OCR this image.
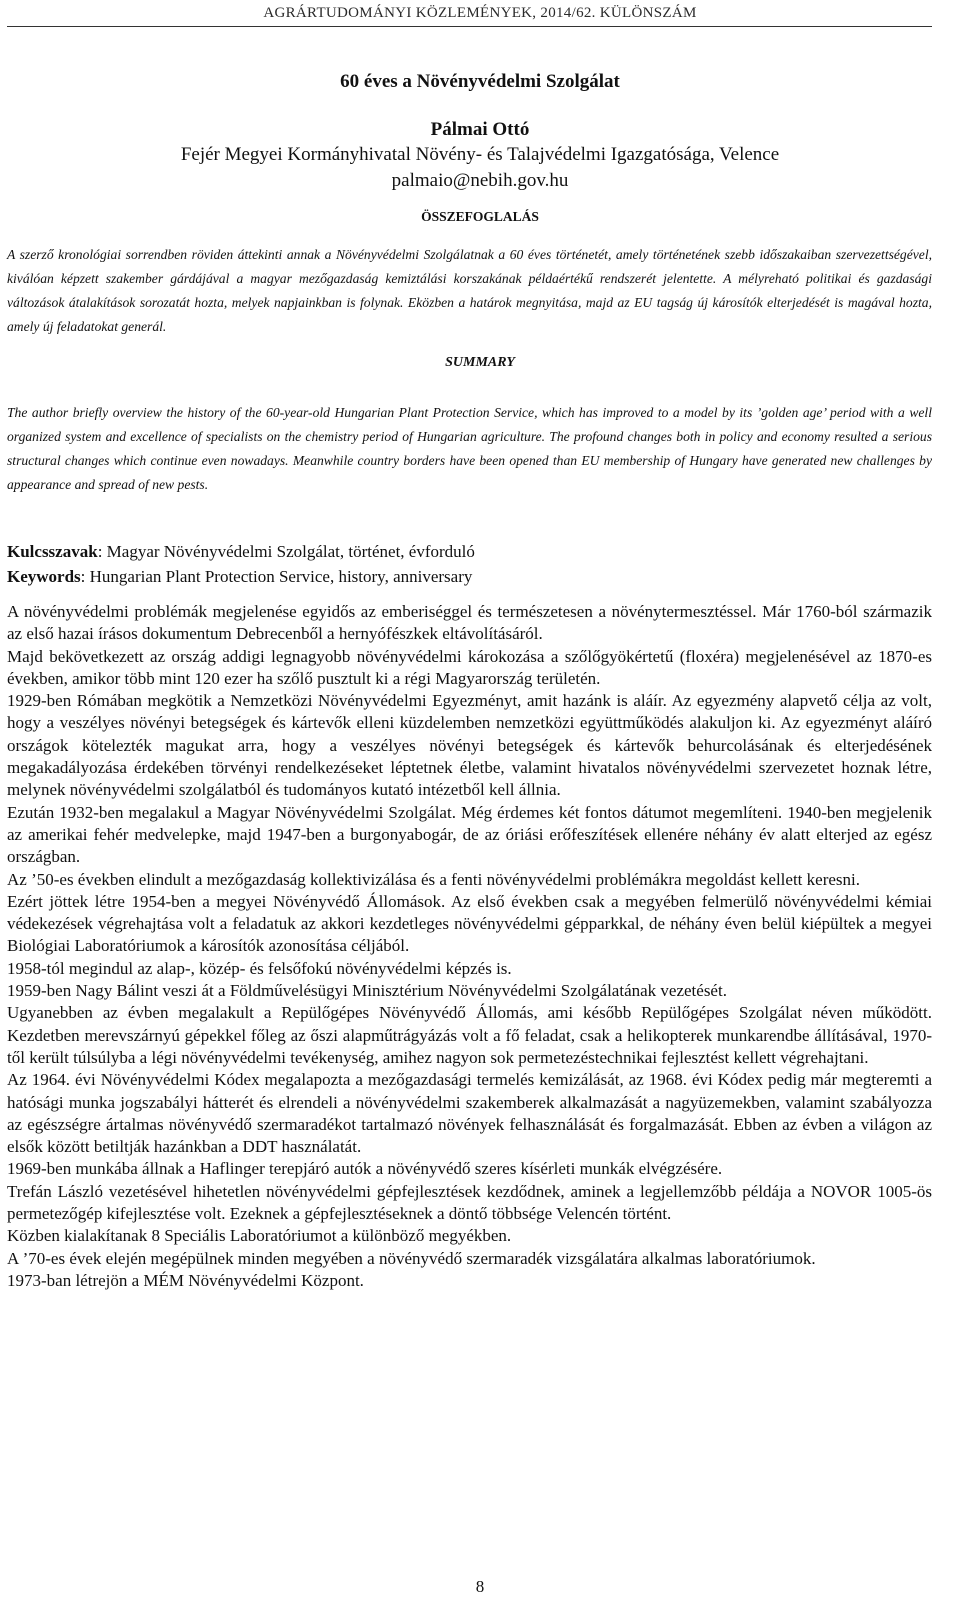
AGRÁRTUDOMÁNYI KÖZLEMÉNYEK, 2014/62. KÜLÖNSZÁM
60 éves a Növényvédelmi Szolgálat
Pálmai Ottó
Fejér Megyei Kormányhivatal Növény- és Talajvédelmi Igazgatósága, Velence
palmaio@nebih.gov.hu
ÖSSZEFOGLALÁS

A szerző kronológiai sorrendben röviden áttekinti annak a Növényvédelmi Szolgálatnak a 60 éves történetét, amely történetének szebb időszakaiban szervezettségével, kiválóan képzett szakember gárdájával a magyar mezőgazdaság kemiztálási korszakának példaértékű rendszerét jelentette. A mélyreható politikai és gazdasági változások átalakítások sorozatát hozta, melyek napjainkban is folynak. Eközben a határok megnyitása, majd az EU tagság új károsítók elterjedését is magával hozta, amely új feladatokat generál.

SUMMARY

The author briefly overview the history of the 60-year-old Hungarian Plant Protection Service, which has improved to a model by its ’golden age’ period with a well organized system and excellence of specialists on the chemistry period of Hungarian agriculture. The profound changes both in policy and economy resulted a serious structural changes which continue even nowadays. Meanwhile country borders have been opened than EU membership of Hungary have generated new challenges by appearance and spread of new pests.

Kulcsszavak: Magyar Növényvédelmi Szolgálat, történet, évforduló
Keywords: Hungarian Plant Protection Service, history, anniversary

A növényvédelmi problémák megjelenése egyidős az emberiséggel és természetesen a növénytermesztéssel. Már 1760-ból származik az első hazai írásos dokumentum Debrecenből a hernyófészkek eltávolításáról.

Majd bekövetkezett az ország addigi legnagyobb növényvédelmi károkozása a szőlőgyökértetű (floxéra) megjelenésével az 1870-es években, amikor több mint 120 ezer ha szőlő pusztult ki a régi Magyarország területén.

1929-ben Rómában megkötik a Nemzetközi Növényvédelmi Egyezményt, amit hazánk is aláír. Az egyezmény alapvető célja az volt, hogy a veszélyes növényi betegségek és kártevők elleni küzdelemben nemzetközi együttműködés alakuljon ki. Az egyezményt aláíró országok kötelezték magukat arra, hogy a veszélyes növényi betegségek és kártevők behurcolásának és elterjedésének megakadályozása érdekében törvényi rendelkezéseket léptetnek életbe, valamint hivatalos növényvédelmi szervezetet hoznak létre, melynek növényvédelmi szolgálatból és tudományos kutató intézetből kell állnia.

Ezután 1932-ben megalakul a Magyar Növényvédelmi Szolgálat. Még érdemes két fontos dátumot megemlíteni. 1940-ben megjelenik az amerikai fehér medvelepke, majd 1947-ben a burgonyabogár, de az óriási erőfeszítések ellenére néhány év alatt elterjed az egész országban.

Az ’50-es években elindult a mezőgazdaság kollektivizálása és a fenti növényvédelmi problémákra megoldást kellett keresni.

Ezért jöttek létre 1954-ben a megyei Növényvédő Állomások. Az első években csak a megyében felmerülő növényvédelmi kémiai védekezések végrehajtása volt a feladatuk az akkori kezdetleges növényvédelmi gépparkkal, de néhány éven belül kiépültek a megyei Biológiai Laboratóriumok a károsítók azonosítása céljából.

1958-tól megindul az alap-, közép- és felsőfokú növényvédelmi képzés is.

1959-ben Nagy Bálint veszi át a Földművelésügyi Minisztérium Növényvédelmi Szolgálatának vezetését.

Ugyanebben az évben megalakult a Repülőgépes Növényvédő Állomás, ami később Repülőgépes Szolgálat néven működött. Kezdetben merevszárnyú gépekkel főleg az őszi alapműtrágyázás volt a fő feladat, csak a helikopterek munkarendbe állításával, 1970-től került túlsúlyba a légi növényvédelmi tevékenység, amihez nagyon sok permetezéstechnikai fejlesztést kellett végrehajtani.

Az 1964. évi Növényvédelmi Kódex megalapozta a mezőgazdasági termelés kemizálását, az 1968. évi Kódex pedig már megteremti a hatósági munka jogszabályi hátterét és elrendeli a növényvédelmi szakemberek alkalmazását a nagyüzemekben, valamint szabályozza az egészségre ártalmas növényvédő szermaradékot tartalmazó növények felhasználását és forgalmazását. Ebben az évben a világon az elsők között betiltják hazánkban a DDT használatát.

1969-ben munkába állnak a Haflinger terepjáró autók a növényvédő szeres kísérleti munkák elvégzésére.

Trefán László vezetésével hihetetlen növényvédelmi gépfejlesztések kezdődnek, aminek a legjellemzőbb példája a NOVOR 1005-ös permetezőgép kifejlesztése volt. Ezeknek a gépfejlesztéseknek a döntő többsége Velencén történt.

Közben kialakítanak 8 Speciális Laboratóriumot a különböző megyékben.

A ’70-es évek elején megépülnek minden megyében a növényvédő szermaradék vizsgálatára alkalmas laboratóriumok.

1973-ban létrejön a MÉM Növényvédelmi Központ.

8
